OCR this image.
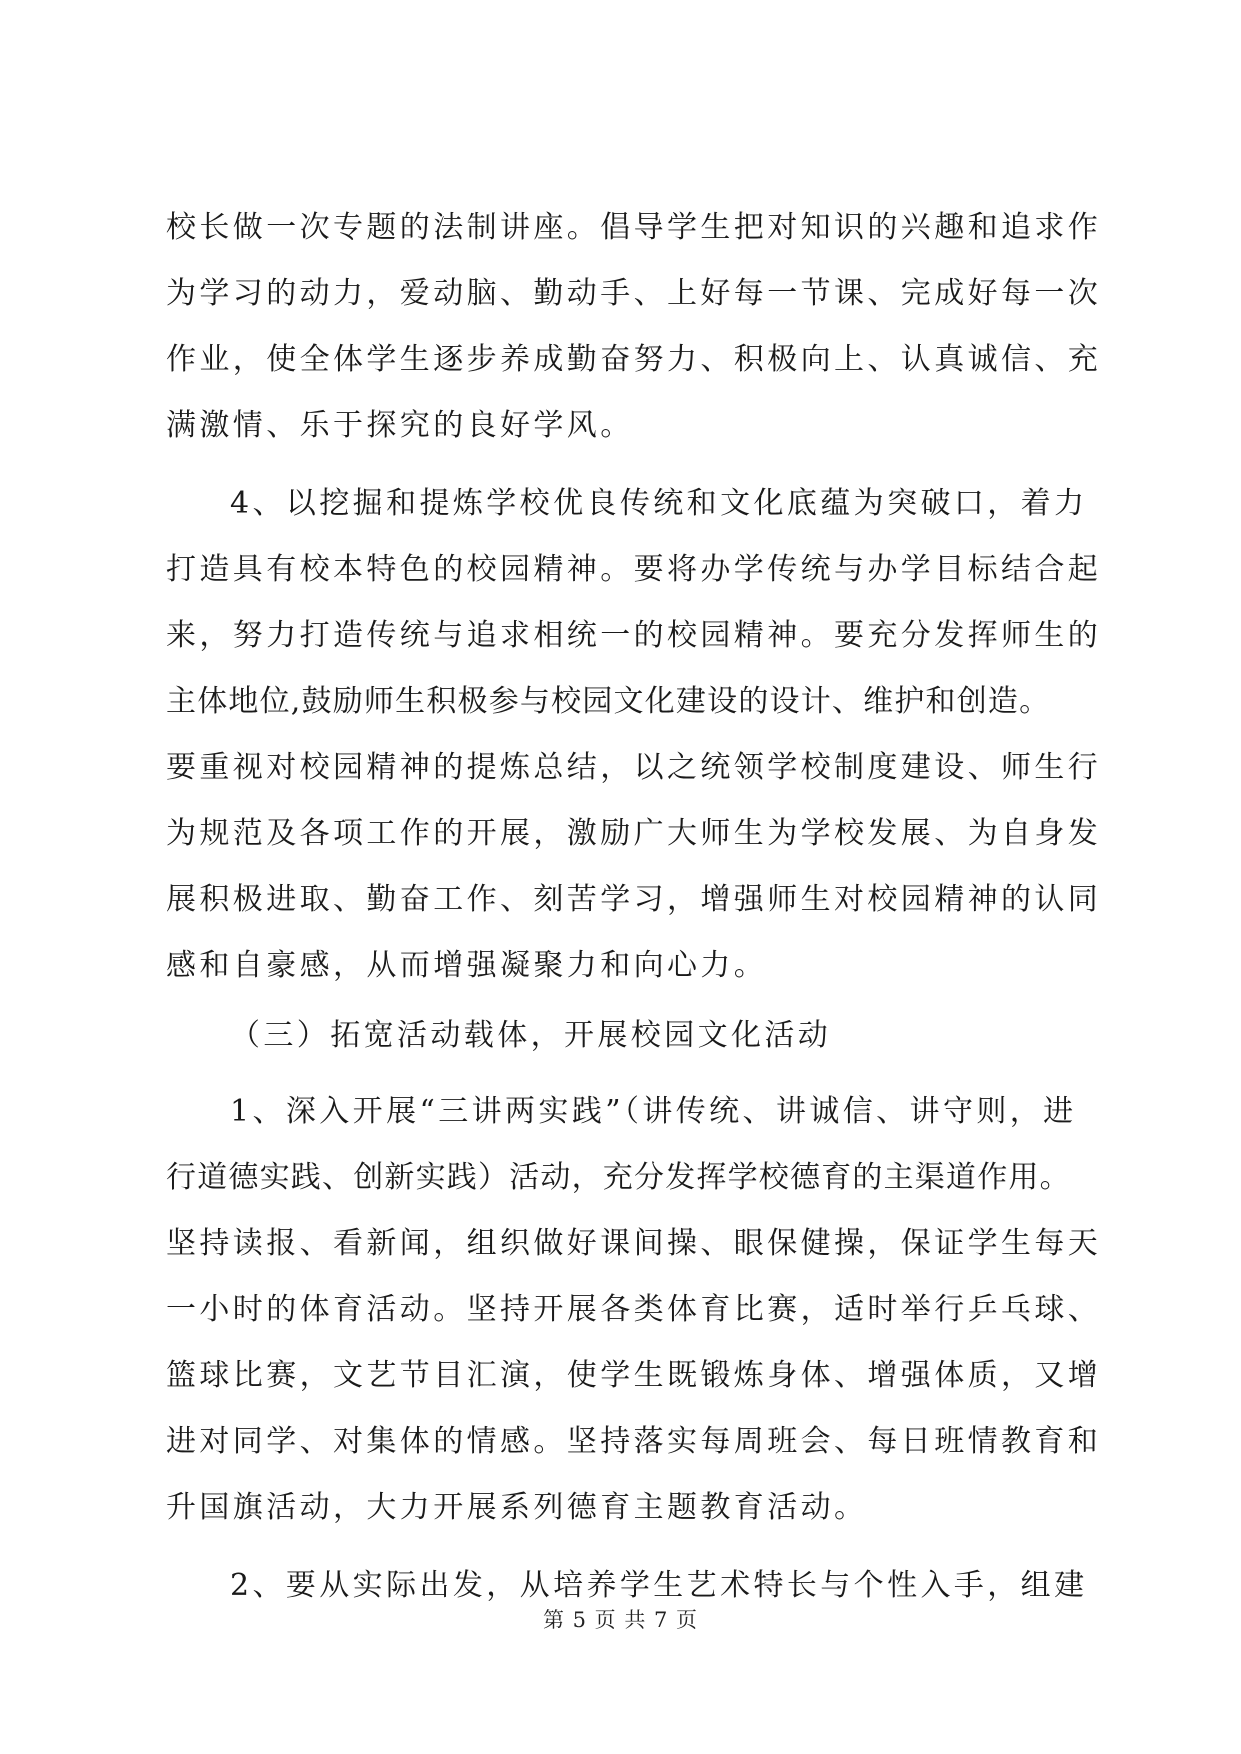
校长做一次专题的法制讲座。倡导学生把对知识的兴趣和追求作
为学习的动力，爱动脑、勤动手、上好每一节课、完成好每一次
作业，使全体学生逐步养成勤奋努力、积极向上、认真诚信、充
满激情、乐于探究的良好学风。
4、以挖掘和提炼学校优良传统和文化底蕴为突破口，着力
打造具有校本特色的校园精神。要将办学传统与办学目标结合起
来，努力打造传统与追求相统一的校园精神。要充分发挥师生的
主体地位,鼓励师生积极参与校园文化建设的设计、维护和创造。
要重视对校园精神的提炼总结，以之统领学校制度建设、师生行
为规范及各项工作的开展，激励广大师生为学校发展、为自身发
展积极进取、勤奋工作、刻苦学习，增强师生对校园精神的认同
感和自豪感，从而增强凝聚力和向心力。
（三）拓宽活动载体，开展校园文化活动
1、深入开展“三讲两实践”（讲传统、讲诚信、讲守则，进
行道德实践、创新实践）活动，充分发挥学校德育的主渠道作用。
坚持读报、看新闻，组织做好课间操、眼保健操，保证学生每天
一小时的体育活动。坚持开展各类体育比赛，适时举行乒乓球、
篮球比赛，文艺节目汇演，使学生既锻炼身体、增强体质，又增
进对同学、对集体的情感。坚持落实每周班会、每日班情教育和
升国旗活动，大力开展系列德育主题教育活动。
2、要从实际出发，从培养学生艺术特长与个性入手，组建
第 5 页 共 7 页
